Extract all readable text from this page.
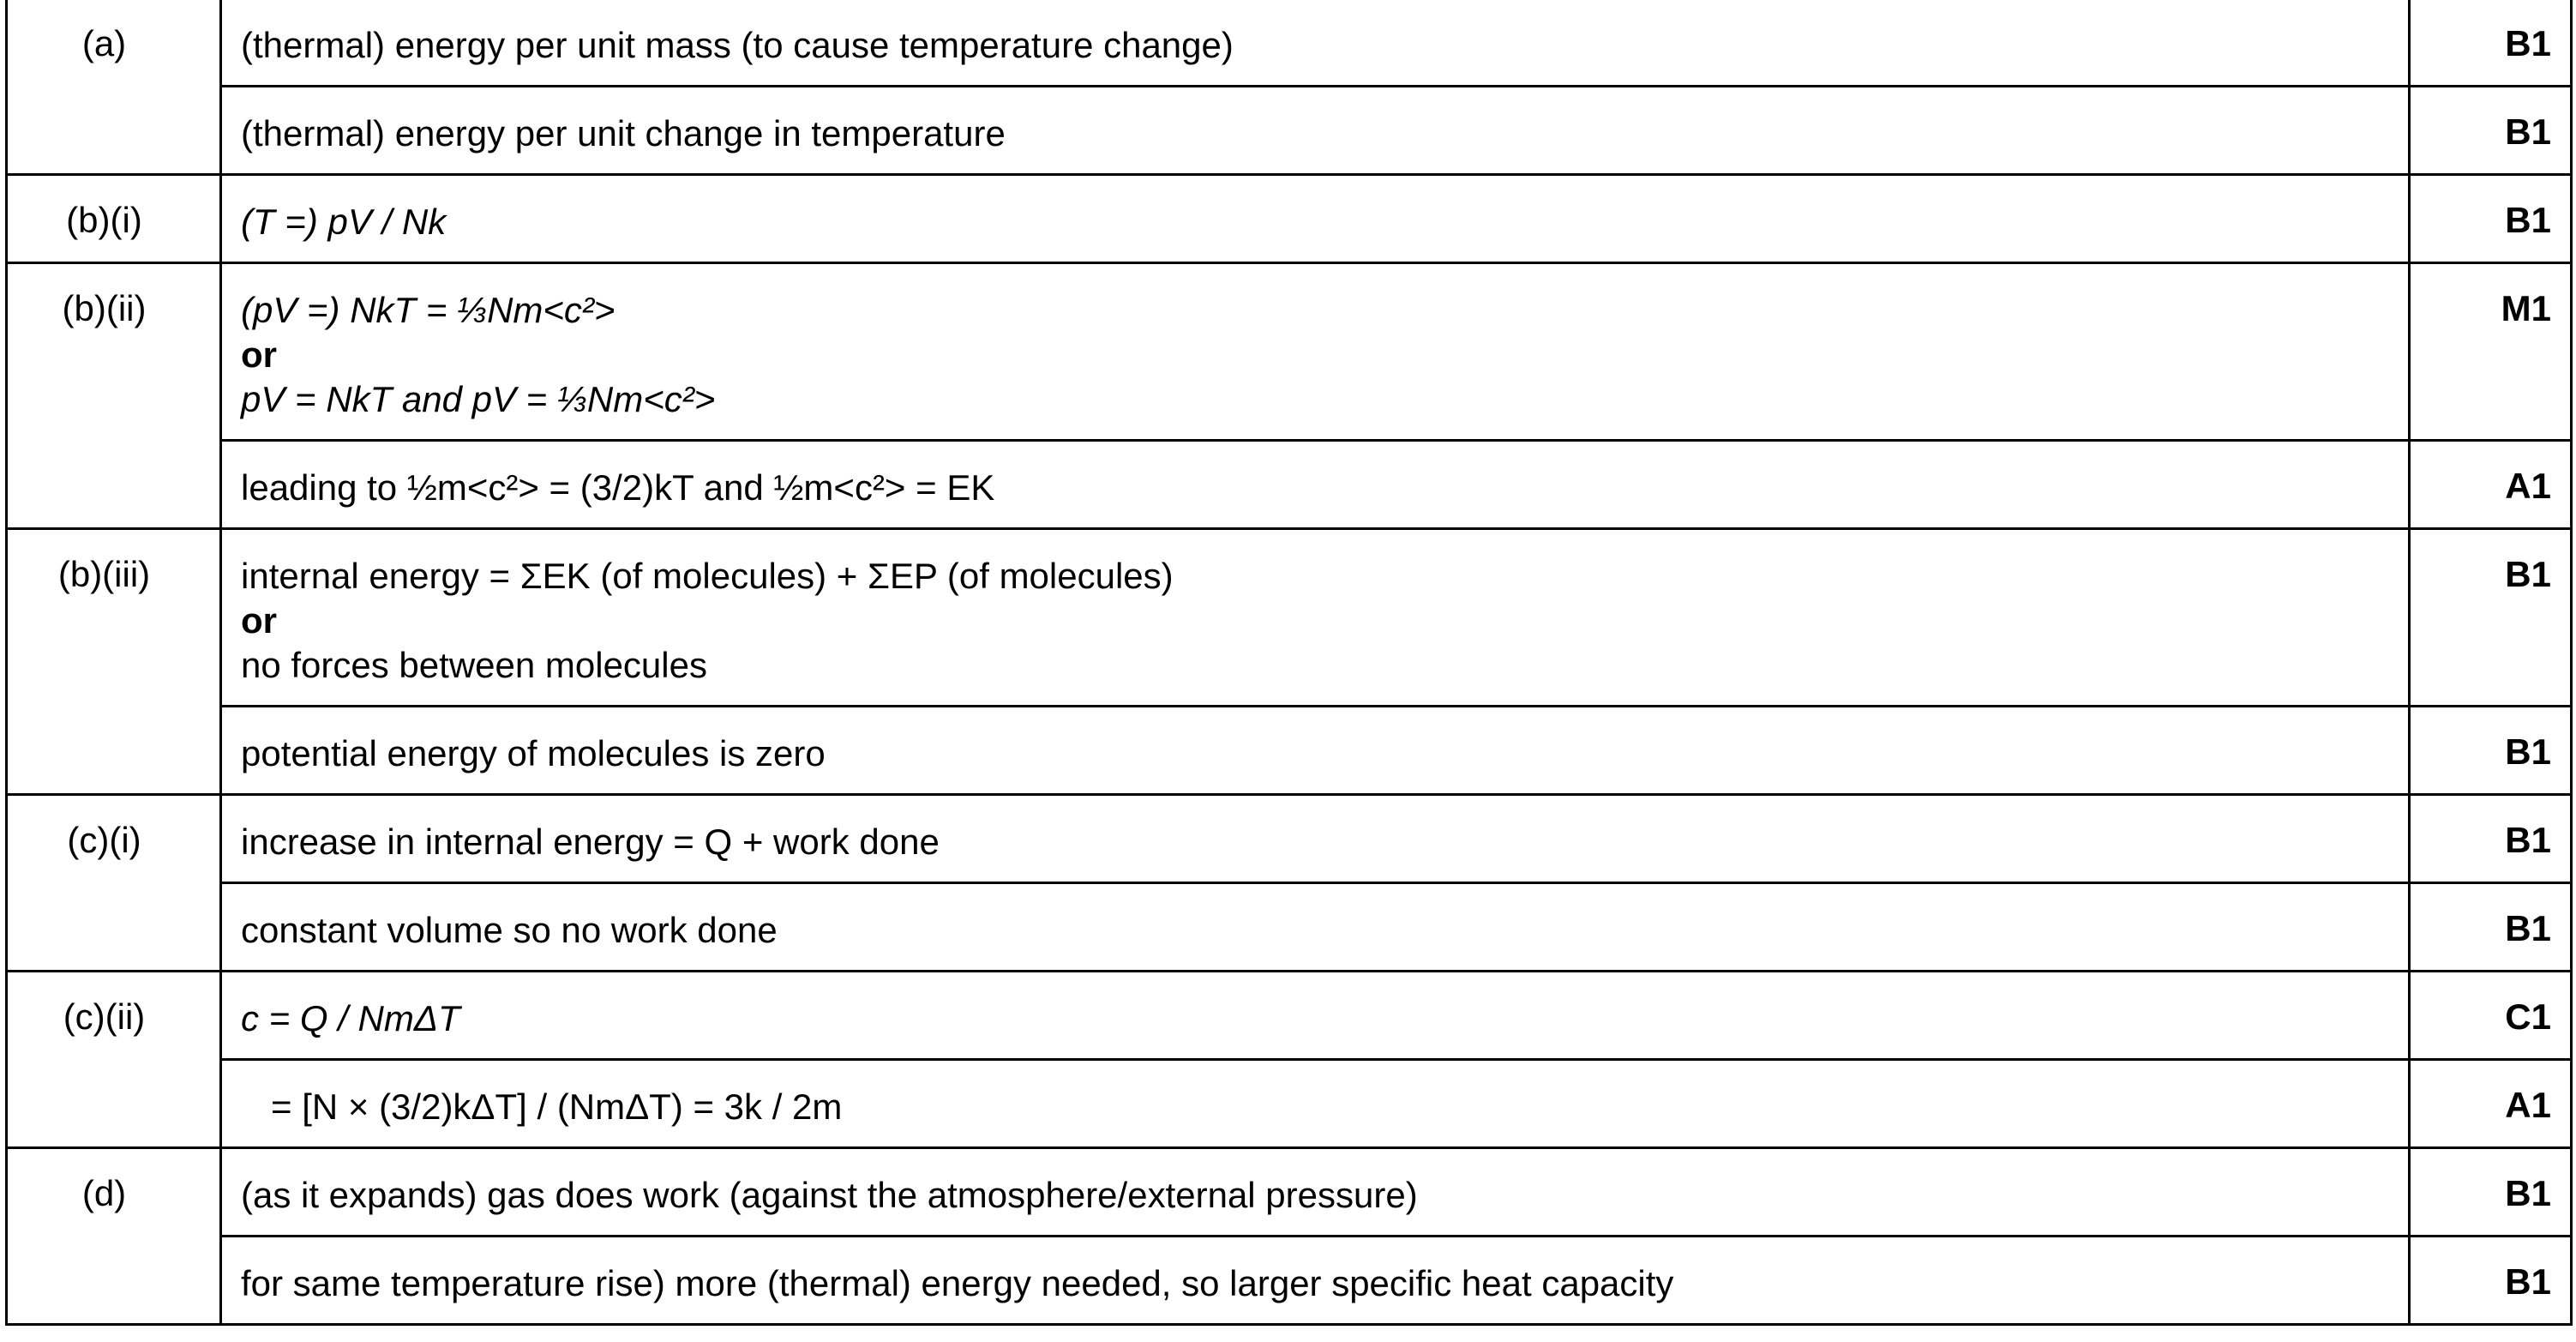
(a)	(thermal) energy per unit mass (to cause temperature change)	B1
	(thermal) energy per unit change in temperature	B1
(b)(i)	(T =) pV / Nk	B1
(b)(ii)	(pV =) NkT = ⅓Nm<c²>
or
pV = NkT and pV = ⅓Nm<c²>	M1
	leading to ½m<c²> = (3/2)kT and ½m<c²> = EK	A1
(b)(iii)	internal energy = ΣEK (of molecules) + ΣEP (of molecules)
or
no forces between molecules	B1
	potential energy of molecules is zero	B1
(c)(i)	increase in internal energy = Q + work done	B1
	constant volume so no work done	B1
(c)(ii)	c = Q / NmΔT	C1
	= [N × (3/2)kΔT] / (NmΔT) = 3k / 2m	A1
(d)	(as it expands) gas does work (against the atmosphere/external pressure)	B1
	for same temperature rise) more (thermal) energy needed, so larger specific heat capacity	B1
